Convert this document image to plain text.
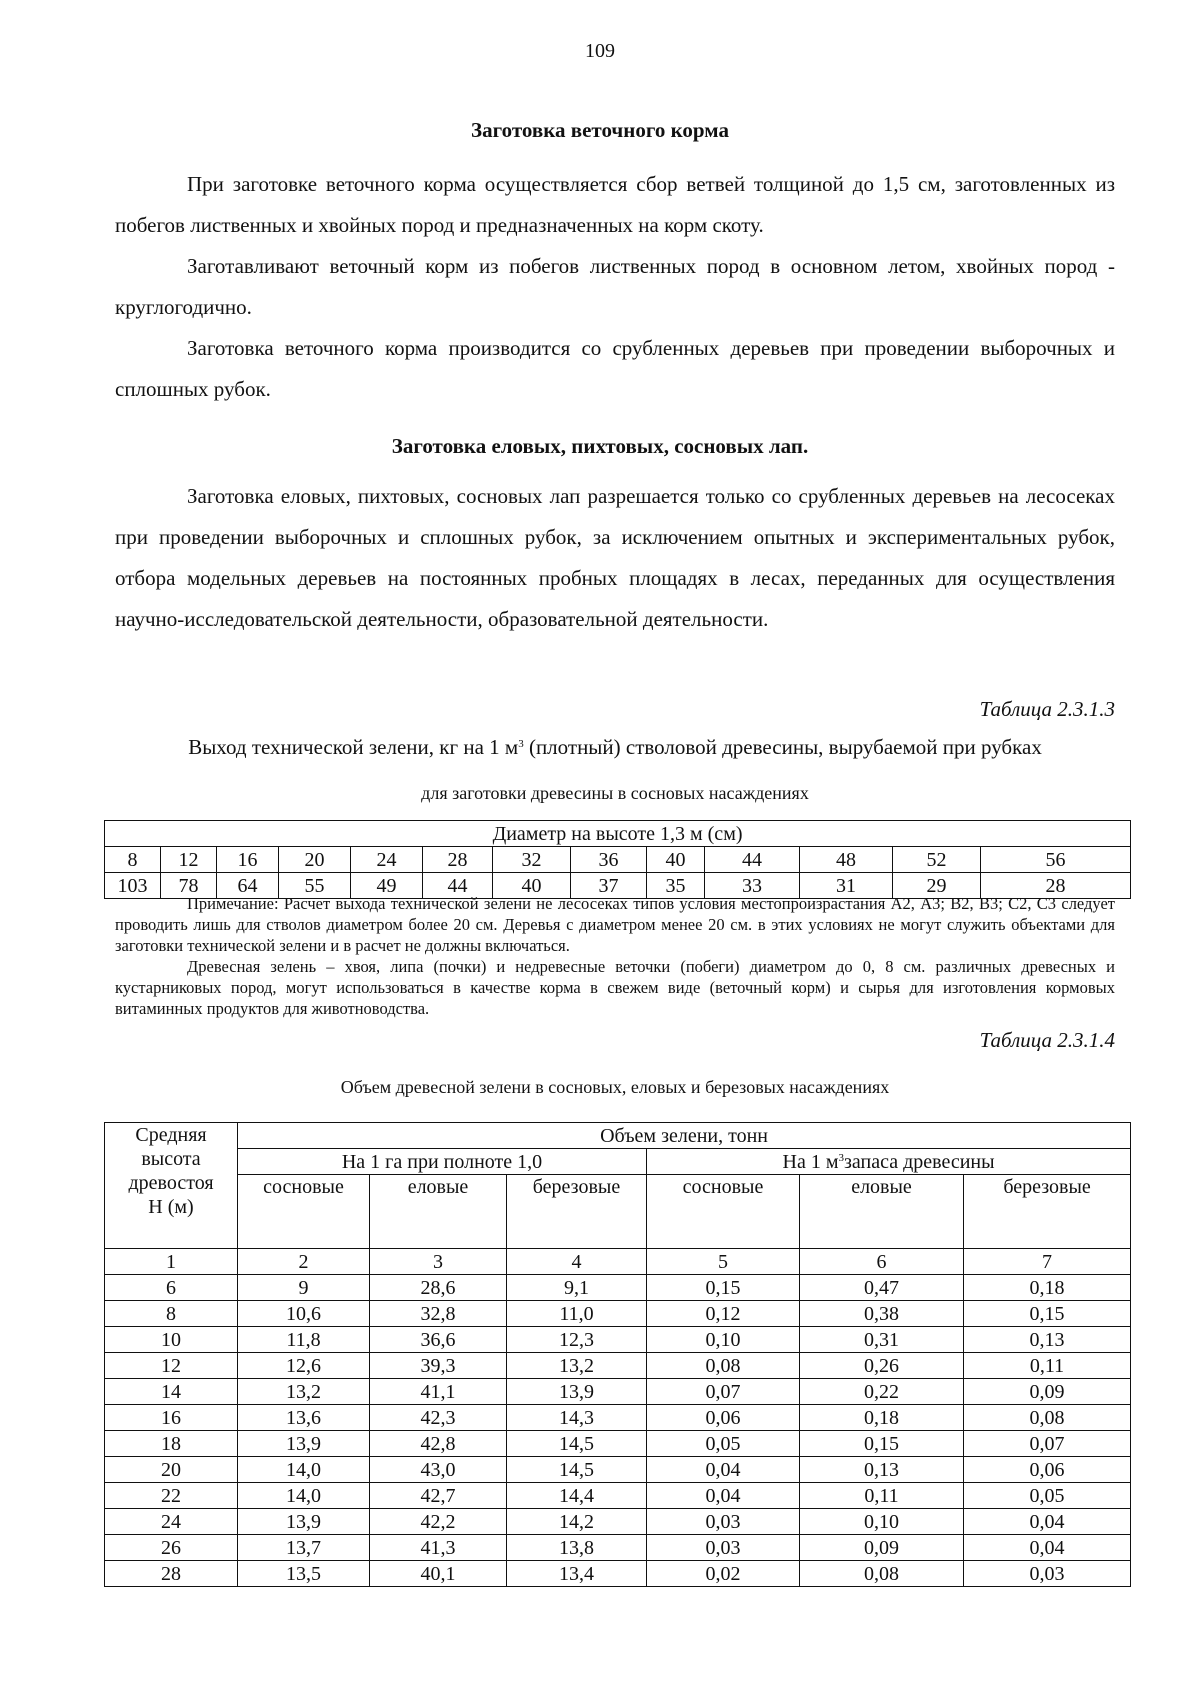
109
Заготовка веточного корма

При заготовке веточного корма осуществляется сбор ветвей толщиной до 1,5 см, заготовленных из побегов лиственных и хвойных пород и предназначенных на корм скоту.

Заготавливают веточный корм из побегов лиственных пород в основном летом, хвойных пород - круглогодично.

Заготовка веточного корма производится со срубленных деревьев при проведении выборочных и сплошных рубок.

Заготовка еловых, пихтовых, сосновых лап.

Заготовка еловых, пихтовых, сосновых лап разрешается только со срубленных деревьев на лесосеках при проведении выборочных и сплошных рубок, за исключением опытных и экспериментальных рубок, отбора модельных деревьев на постоянных пробных площадях в лесах, переданных для осуществления научно-исследовательской деятельности, образовательной деятельности.

Таблица 2.3.1.3
Выход технической зелени, кг на 1 $м^3$ (плотный) стволовой древесины, вырубаемой при рубках
для заготовки древесины в сосновых насаждениях
Диаметр на высоте 1,3 м (см)												
8	12	16	20	24	28	32	36	40	44	48	52	56
103	78	64	55	49	44	40	37	35	33	31	29	28

Примечание: Расчет выхода технической зелени не лесосеках типов условия местопроизрастания А2, А3; В2, В3; С2, С3 следует проводить лишь для стволов диаметром более 20 см. Деревья с диаметром менее 20 см. в этих условиях не могут служить объектами для заготовки технической зелени и в расчет не должны включаться.

Древесная зелень – хвоя, липа (почки) и недревесные веточки (побеги) диаметром до 0, 8 см. различных древесных и кустарниковых пород, могут использоваться в качестве корма в свежем виде (веточный корм) и сырья для изготовления кормовых витаминных продуктов для животноводства.

Таблица 2.3.1.4
Объем древесной зелени в сосновых, еловых и березовых насаждениях
Средняя
высота
древостоя
Н (м)	Объем зелени, тонн					
	На 1 га при полноте 1,0			На 1 $м^3запаса$ древесины		
	сосновые	еловые	березовые	сосновые	еловые	березовые
1	2	3	4	5	6	7
6	9	28,6	9,1	0,15	0,47	0,18
8	10,6	32,8	11,0	0,12	0,38	0,15
10	11,8	36,6	12,3	0,10	0,31	0,13
12	12,6	39,3	13,2	0,08	0,26	0,11
14	13,2	41,1	13,9	0,07	0,22	0,09
16	13,6	42,3	14,3	0,06	0,18	0,08
18	13,9	42,8	14,5	0,05	0,15	0,07
20	14,0	43,0	14,5	0,04	0,13	0,06
22	14,0	42,7	14,4	0,04	0,11	0,05
24	13,9	42,2	14,2	0,03	0,10	0,04
26	13,7	41,3	13,8	0,03	0,09	0,04
28	13,5	40,1	13,4	0,02	0,08	0,03
